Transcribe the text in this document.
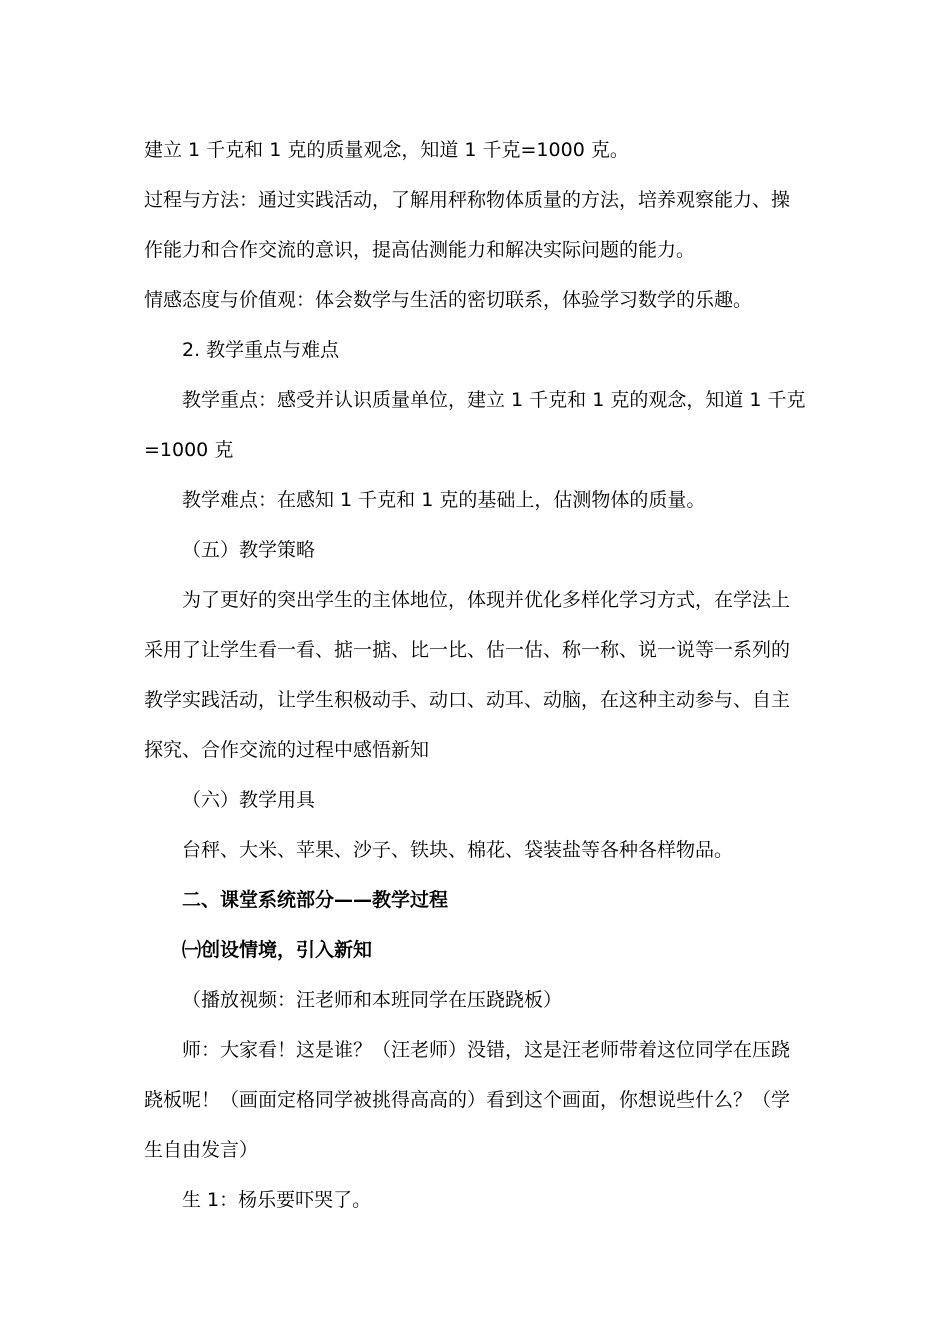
建立 1 千克和 1 克的质量观念，知道 1 千克=1000 克。
过程与方法：通过实践活动，了解用秤称物体质量的方法，培养观察能力、操
作能力和合作交流的意识，提高估测能力和解决实际问题的能力。
情感态度与价值观：体会数学与生活的密切联系，体验学习数学的乐趣。
2. 教学重点与难点
教学重点：感受并认识质量单位，建立 1 千克和 1 克的观念，知道 1 千克
=1000 克
教学难点：在感知 1 千克和 1 克的基础上，估测物体的质量。
（五）教学策略
为了更好的突出学生的主体地位，体现并优化多样化学习方式，在学法上
采用了让学生看一看、掂一掂、比一比、估一估、称一称、说一说等一系列的
教学实践活动，让学生积极动手、动口、动耳、动脑，在这种主动参与、自主
探究、合作交流的过程中感悟新知
（六）教学用具
台秤、大米、苹果、沙子、铁块、棉花、袋装盐等各种各样物品。
二、课堂系统部分——教学过程
㈠创设情境，引入新知
（播放视频：汪老师和本班同学在压跷跷板）
师：大家看！这是谁？（汪老师）没错，这是汪老师带着这位同学在压跷
跷板呢！（画面定格同学被挑得高高的）看到这个画面，你想说些什么？（学
生自由发言）
生 1：杨乐要吓哭了。
